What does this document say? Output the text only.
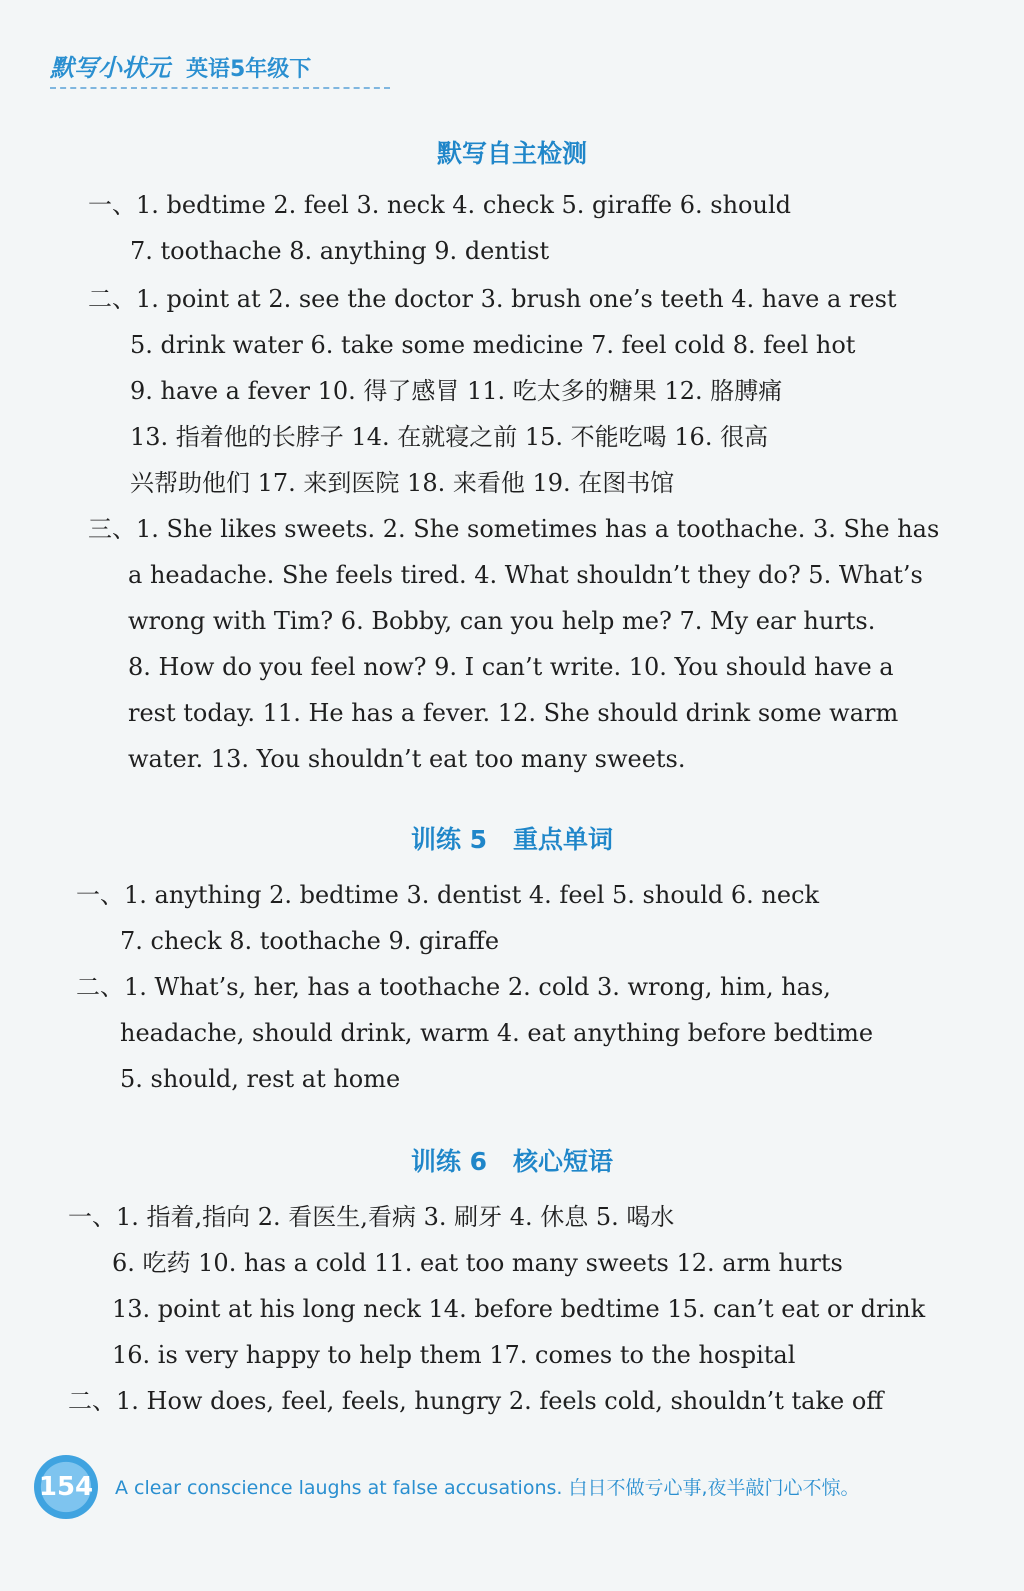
默写小状元 英语5年级下
默写自主检测
一、1. bedtime 2. feel 3. neck 4. check 5. giraffe 6. should
7. toothache 8. anything 9. dentist
二、1. point at 2. see the doctor 3. brush one’s teeth 4. have a rest
5. drink water 6. take some medicine 7. feel cold 8. feel hot
9. have a fever 10. 得了感冒 11. 吃太多的糖果 12. 胳膊痛
13. 指着他的长脖子 14. 在就寝之前 15. 不能吃喝 16. 很高
兴帮助他们 17. 来到医院 18. 来看他 19. 在图书馆
三、1. She likes sweets. 2. She sometimes has a toothache. 3. She has
a headache. She feels tired. 4. What shouldn’t they do? 5. What’s
wrong with Tim? 6. Bobby, can you help me? 7. My ear hurts.
8. How do you feel now? 9. I can’t write. 10. You should have a
rest today. 11. He has a fever. 12. She should drink some warm
water. 13. You shouldn’t eat too many sweets.
训练 5 重点单词
一、1. anything 2. bedtime 3. dentist 4. feel 5. should 6. neck
7. check 8. toothache 9. giraffe
二、1. What’s, her, has a toothache 2. cold 3. wrong, him, has,
headache, should drink, warm 4. eat anything before bedtime
5. should, rest at home
训练 6 核心短语
一、1. 指着,指向 2. 看医生,看病 3. 刷牙 4. 休息 5. 喝水
6. 吃药 10. has a cold 11. eat too many sweets 12. arm hurts
13. point at his long neck 14. before bedtime 15. can’t eat or drink
16. is very happy to help them 17. comes to the hospital
二、1. How does, feel, feels, hungry 2. feels cold, shouldn’t take off
154 A clear conscience laughs at false accusations. 白日不做亏心事,夜半敲门心不惊。
